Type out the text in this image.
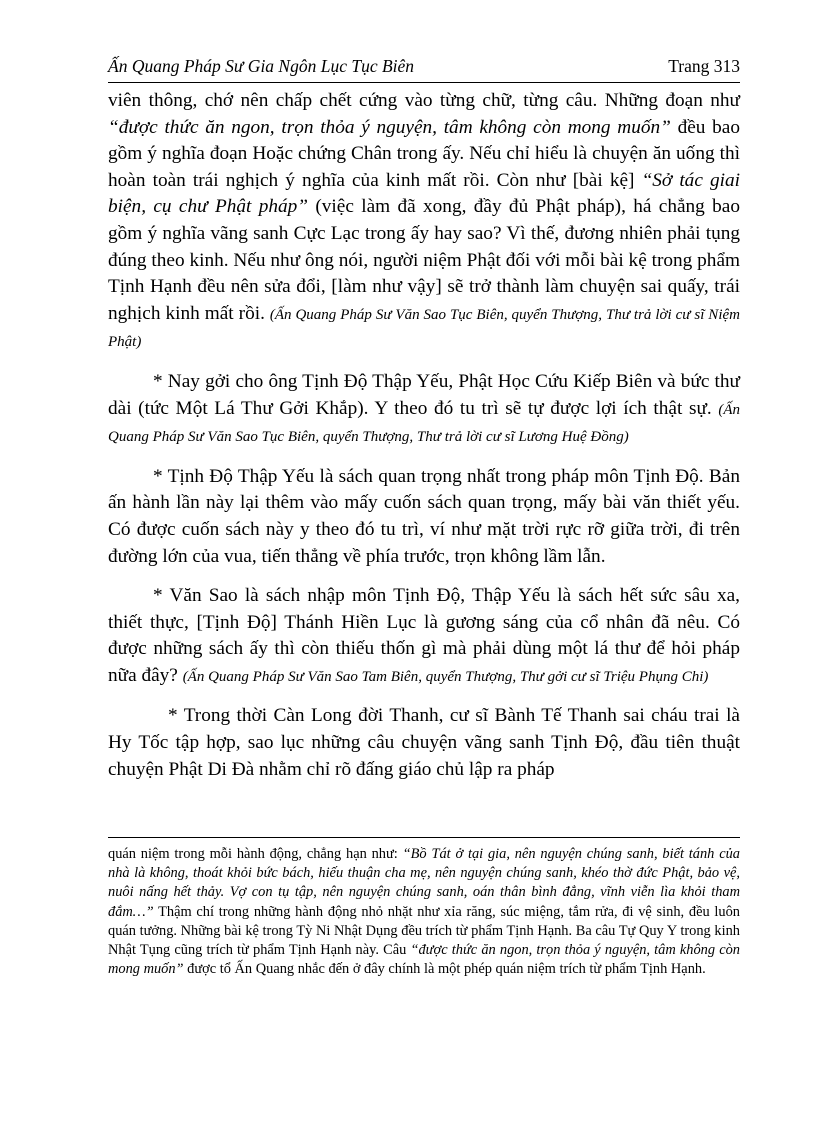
Ấn Quang Pháp Sư Gia Ngôn Lục Tục Biên	Trang 313

viên thông, chớ nên chấp chết cứng vào từng chữ, từng câu. Những đoạn như “được thức ăn ngon, trọn thỏa ý nguyện, tâm không còn mong muốn” đều bao gồm ý nghĩa đoạn Hoặc chứng Chân trong ấy. Nếu chỉ hiểu là chuyện ăn uống thì hoàn toàn trái nghịch ý nghĩa của kinh mất rồi. Còn như [bài kệ] “Sở tác giai biện, cụ chư Phật pháp” (việc làm đã xong, đầy đủ Phật pháp), há chẳng bao gồm ý nghĩa vãng sanh Cực Lạc trong ấy hay sao? Vì thế, đương nhiên phải tụng đúng theo kinh. Nếu như ông nói, người niệm Phật đối với mỗi bài kệ trong phẩm Tịnh Hạnh đều nên sửa đổi, [làm như vậy] sẽ trở thành làm chuyện sai quấy, trái nghịch kinh mất rồi. (Ấn Quang Pháp Sư Văn Sao Tục Biên, quyển Thượng, Thư trả lời cư sĩ Niệm Phật)

* Nay gởi cho ông Tịnh Độ Thập Yếu, Phật Học Cứu Kiếp Biên và bức thư dài (tức Một Lá Thư Gởi Khắp). Y theo đó tu trì sẽ tự được lợi ích thật sự. (Ấn Quang Pháp Sư Văn Sao Tục Biên, quyển Thượng, Thư trả lời cư sĩ Lương Huệ Đồng)

* Tịnh Độ Thập Yếu là sách quan trọng nhất trong pháp môn Tịnh Độ. Bản ấn hành lần này lại thêm vào mấy cuốn sách quan trọng, mấy bài văn thiết yếu. Có được cuốn sách này y theo đó tu trì, ví như mặt trời rực rỡ giữa trời, đi trên đường lớn của vua, tiến thẳng về phía trước, trọn không lầm lẫn.

* Văn Sao là sách nhập môn Tịnh Độ, Thập Yếu là sách hết sức sâu xa, thiết thực, [Tịnh Độ] Thánh Hiền Lục là gương sáng của cổ nhân đã nêu. Có được những sách ấy thì còn thiếu thốn gì mà phải dùng một lá thư để hỏi pháp nữa đây? (Ấn Quang Pháp Sư Văn Sao Tam Biên, quyển Thượng, Thư gởi cư sĩ Triệu Phụng Chi)

* Trong thời Càn Long đời Thanh, cư sĩ Bành Tế Thanh sai cháu trai là Hy Tốc tập hợp, sao lục những câu chuyện vãng sanh Tịnh Độ, đầu tiên thuật chuyện Phật Di Đà nhằm chỉ rõ đấng giáo chủ lập ra pháp

quán niệm trong mỗi hành động, chẳng hạn như: “Bồ Tát ở tại gia, nên nguyện chúng sanh, biết tánh của nhà là không, thoát khỏi bức bách, hiếu thuận cha mẹ, nên nguyện chúng sanh, khéo thờ đức Phật, bảo vệ, nuôi nấng hết thảy. Vợ con tụ tập, nên nguyện chúng sanh, oán thân bình đẳng, vĩnh viễn lìa khỏi tham đắm…” Thậm chí trong những hành động nhỏ nhặt như xỉa răng, súc miệng, tắm rửa, đi vệ sinh, đều luôn quán tưởng. Những bài kệ trong Tỳ Ni Nhật Dụng đều trích từ phẩm Tịnh Hạnh. Ba câu Tự Quy Y trong kinh Nhật Tụng cũng trích từ phẩm Tịnh Hạnh này. Câu “được thức ăn ngon, trọn thỏa ý nguyện, tâm không còn mong muốn” được tổ Ấn Quang nhắc đến ở đây chính là một phép quán niệm trích từ phẩm Tịnh Hạnh.
